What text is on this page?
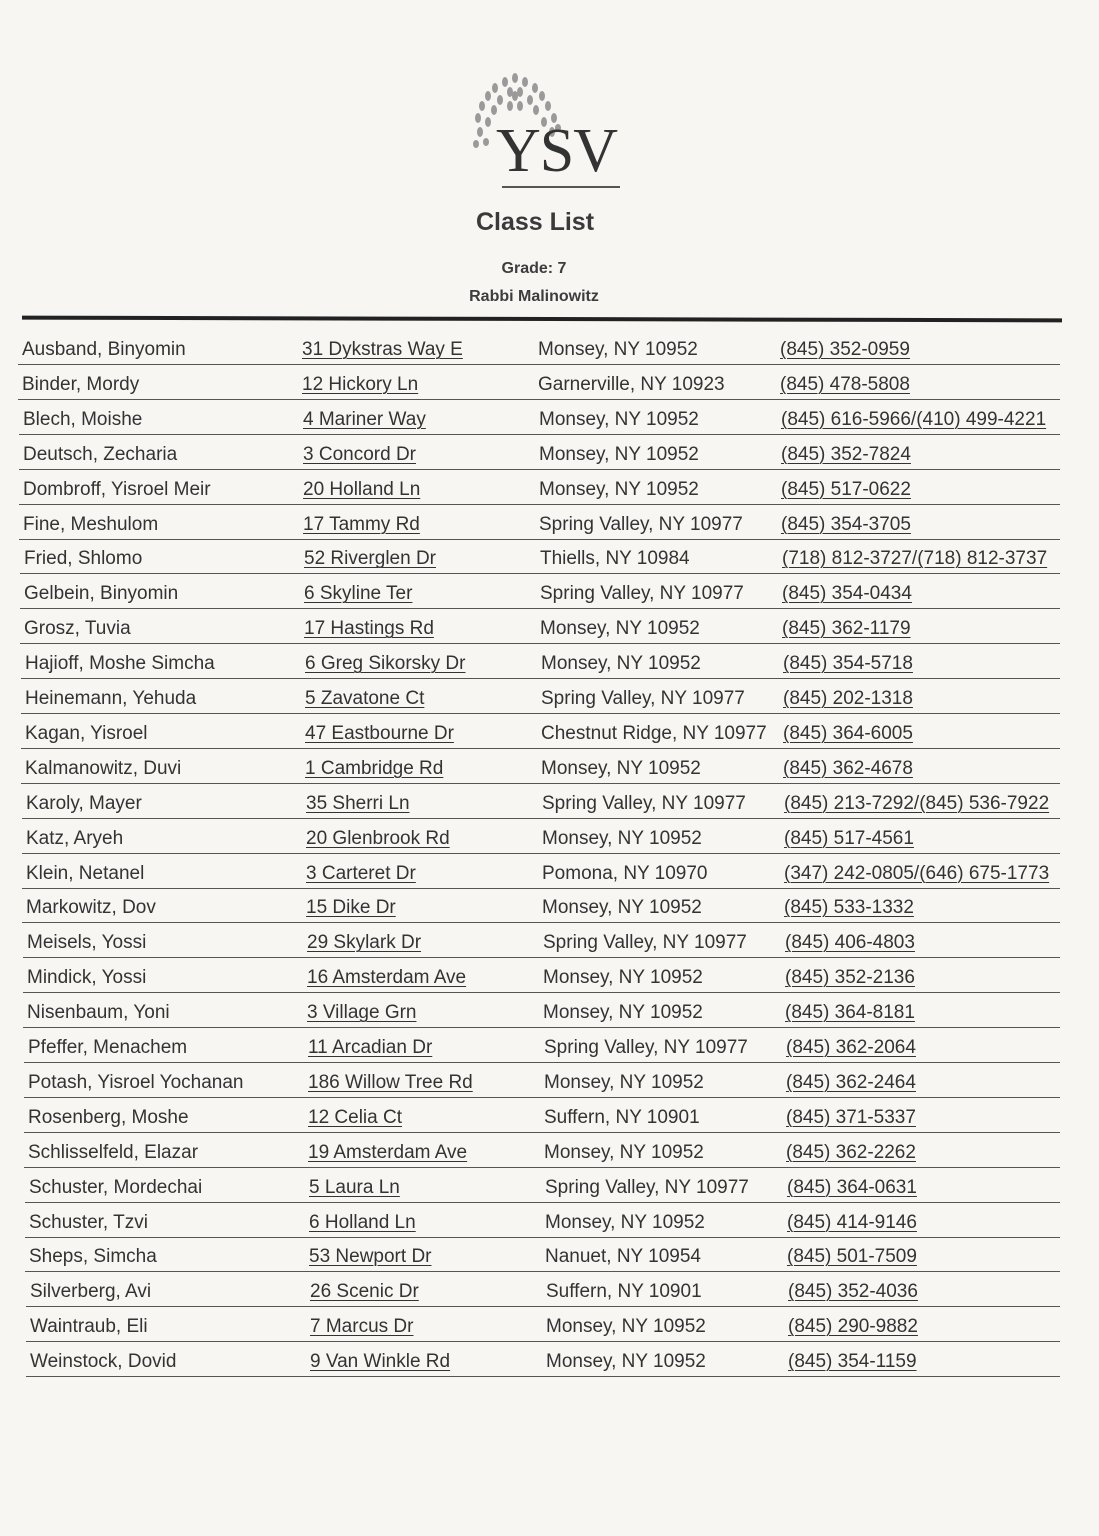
YSV
Class List
Grade: 7
Rabbi Malinowitz
Ausband, Binyomin	31 Dykstras Way E	Monsey, NY 10952	(845) 352-0959
Binder, Mordy	12 Hickory Ln	Garnerville, NY 10923	(845) 478-5808
Blech, Moishe	4 Mariner Way	Monsey, NY 10952	(845) 616-5966/(410) 499-4221
Deutsch, Zecharia	3 Concord Dr	Monsey, NY 10952	(845) 352-7824
Dombroff, Yisroel Meir	20 Holland Ln	Monsey, NY 10952	(845) 517-0622
Fine, Meshulom	17 Tammy Rd	Spring Valley, NY 10977 (845) 354-3705
Fried, Shlomo	52 Riverglen Dr	Thiells, NY 10984	(718) 812-3727/(718) 812-3737
Gelbein, Binyomin	6 Skyline Ter	Spring Valley, NY 10977 (845) 354-0434
Grosz, Tuvia	17 Hastings Rd	Monsey, NY 10952	(845) 362-1179
Hajioff, Moshe Simcha	6 Greg Sikorsky Dr	Monsey, NY 10952	(845) 354-5718
Heinemann, Yehuda	5 Zavatone Ct	Spring Valley, NY 10977 (845) 202-1318
Kagan, Yisroel	47 Eastbourne Dr	Chestnut Ridge, NY 10977 (845) 364-6005
Kalmanowitz, Duvi	1 Cambridge Rd	Monsey, NY 10952	(845) 362-4678
Karoly, Mayer	35 Sherri Ln	Spring Valley, NY 10977 (845) 213-7292/(845) 536-7922
Katz, Aryeh	20 Glenbrook Rd	Monsey, NY 10952	(845) 517-4561
Klein, Netanel	3 Carteret Dr	Pomona, NY 10970	(347) 242-0805/(646) 675-1773
Markowitz, Dov	15 Dike Dr	Monsey, NY 10952	(845) 533-1332
Meisels, Yossi	29 Skylark Dr	Spring Valley, NY 10977 (845) 406-4803
Mindick, Yossi	16 Amsterdam Ave	Monsey, NY 10952	(845) 352-2136
Nisenbaum, Yoni	3 Village Grn	Monsey, NY 10952	(845) 364-8181
Pfeffer, Menachem	11 Arcadian Dr	Spring Valley, NY 10977 (845) 362-2064
Potash, Yisroel Yochanan	186 Willow Tree Rd	Monsey, NY 10952	(845) 362-2464
Rosenberg, Moshe	12 Celia Ct	Suffern, NY 10901	(845) 371-5337
Schlisselfeld, Elazar	19 Amsterdam Ave	Monsey, NY 10952	(845) 362-2262
Schuster, Mordechai	5 Laura Ln	Spring Valley, NY 10977 (845) 364-0631
Schuster, Tzvi	6 Holland Ln	Monsey, NY 10952	(845) 414-9146
Sheps, Simcha	53 Newport Dr	Nanuet, NY 10954	(845) 501-7509
Silverberg, Avi	26 Scenic Dr	Suffern, NY 10901	(845) 352-4036
Waintraub, Eli	7 Marcus Dr	Monsey, NY 10952	(845) 290-9882
Weinstock, Dovid	9 Van Winkle Rd	Monsey, NY 10952	(845) 354-1159
